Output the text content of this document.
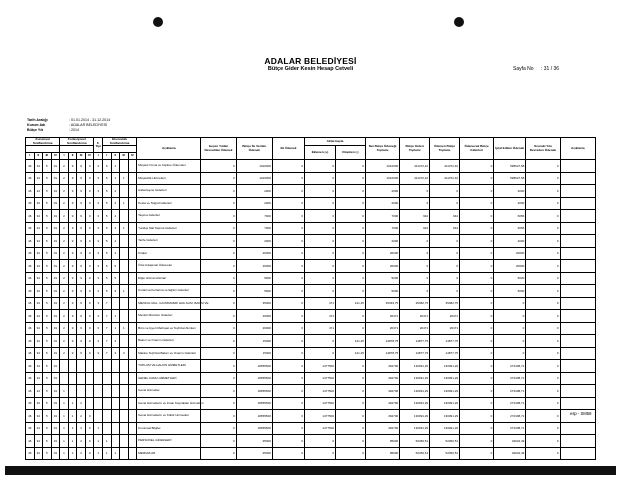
ADALAR BELEDİYESİ
Bütçe Gider Kesin Hesap Cetveli	Sayfa No : 31 / 36
Tarih Aralığı	: 01.01.2014 - 31.12.2014
Kurum Adı	: ADALAR BELEDİYESİ
Bütçe Yılı	: 2014
Kurumsal Sınıflandırma				Fonksiyonel Sınıflandırma				F. Tipi	Ekonomik Sınıflandırma				Açıklama	Geçen Yıldan Devredilen Ödenek	Bütçe İle Verilen Ödenek	Ek Ödenek	Aktarmayla		Net Bütçe Ödeneği Toplamı	Bütçe Gideri Toplamı	Ödenen Bütçe Toplamı	Ödenecek Bütçe Giderleri	İptal Edilen Ödenek	Sonraki Yıla Devreden Ödenek	Açıklama
																	Eklenen (+)	Düşülen (-)							
I	II	III	IV	I	II	III	IV	I	I	II	III	IV													
46	34	5	01	2	9	9	0	3	5	1			Müşavir Firma ve Kişilere Ödemeler	0	1010000	0	0	0	1010000	411372,42	411372,42	0	598627,58	0	
46	34	5	01	2	9	9	0	3	5	1	1		Müşavirlik Hizmetleri	0	1010000	0	0	0	1010000	411372,42	411372,42	0	598627,58	0	
46	34	5	01	2	9	9	0	3	5	2			Haberleşme Giderleri	0	2000	0	0	0	2000	0	0	0	2000	0	
46	34	5	01	2	9	9	0	3	5	2	1		Posta ve Telgraf Giderleri	0	2000	0	0	0	2000	0	0	0	2000	0	
46	34	5	01	2	9	9	0	3	5	4			Taşıma Giderleri	0	7000	0	0	0	7000	944	944	0	6056	0	
46	34	5	01	2	9	9	0	3	5	4	1		Yurtdışı Mal Taşıma Giderleri	0	7000	0	0	0	7000	944	944	0	6056	0	
46	34	5	01	2	9	9	0	3	5	4			Tarife Giderleri	0	2000	0	0	0	2000	0	0	0	2000	0	
46	34	5	01	2	9	9	0	3	5	4			Kiralar	0	20000	0	0	0	20000	0	0	0	20000	0	
46	34	5	01	2	9	9	0	3	5	5			Özel Anlaşmalı Ödemeler	0	20000	0	0	0	20000	0	0	0	20000	0	
46	34	5	01	2	9	9	0	3	5	5			Diğer Hizmet Alımları	0	5000	0	0	0	5000	0	0	0	5000	0	
46	34	5	01	2	9	9	0	3	5	9	1		Kurtarma Kurtarma ve Eğitim Giderleri	0	5000	0	0	0	5000	0	0	0	5000	0	
46	34	5	01	2	9	9	0	3	7				MENKUL MAL, GAYRİMADDİ HAK ALIM, BAKIM VE	0	35000	0	471	121,25	35349,75	35382,75	35382,75	0	0	0	
46	34	5	01	2	9	9	0	3	7	1			Menkul Mal Alım Giderleri	0	20000	0	471	0	20471	20471	20471	0	0	0	
46	34	5	01	2	9	9	0	3	7	1	1		Büro ve İşyeri Mefruşat ve Teçhizat Alımları	0	20000	0	471	0	20471	20471	20471	0	0	0	
46	34	5	01	2	9	9	0	3	7	3			Bakım ve Onarım Giderleri	0	15000	0	0	121,25	14878,75	14877,75	14877,75	0	0	0	
46	34	5	01	2	9	9	0	3	7	3	2		Makine Teçhizat Bakım ve Onarım Giderleri	0	15000	0	0	121,25	14878,75	14877,75	14877,75	0	0	0	
46	34	5	01										TOPLUM VE HALKIN HİZMETLERİ	0	18655500	0	1477500	0	462700	130091,29	130091,29	0	272308,71	0	
46	34	5	01										GENEL KAMU HİZMETLERİ	0	18655500	0	1477500	0	462700	130091,29	130091,29	0	272308,71	0	
46	34	5	01	1									Genel Hizmetler	0	18655500	0	1477500	0	462700	130091,29	130091,29	0	272308,71	0	
46	34	5	01	1	1	2							Genel Hizmetlerin ve İnsan Kaynakları Hizmetleri	0	18655500	0	1477500	0	462700	130091,29	130091,29	0	272308,71	0	
46	34	5	01	1	1	2	0						Genel Hizmetlerin ve Kültür Hizmetleri	0	18655500	0	1477500	0	462700	130091,29	130091,29	0	272308,71	0	
46	34	5	01	1	1	2	0	1					Kurumsal Bilgiler	0	18655500	0	1477500	0	462700	130091,29	130091,29	0	272308,71	0	
46	34	5	01	1	1	2	0	1	1				PERSONEL GİDERLERİ	0	95000	0	0	0	95000	52450,51	52450,51	0	42944,49	0	
46	34	5	01	1	1	2	0	1	1	1			MEMURLAR	0	95000	0	0	0	95000	52450,51	52450,51	0	42944,49	0	
esp - SM58
